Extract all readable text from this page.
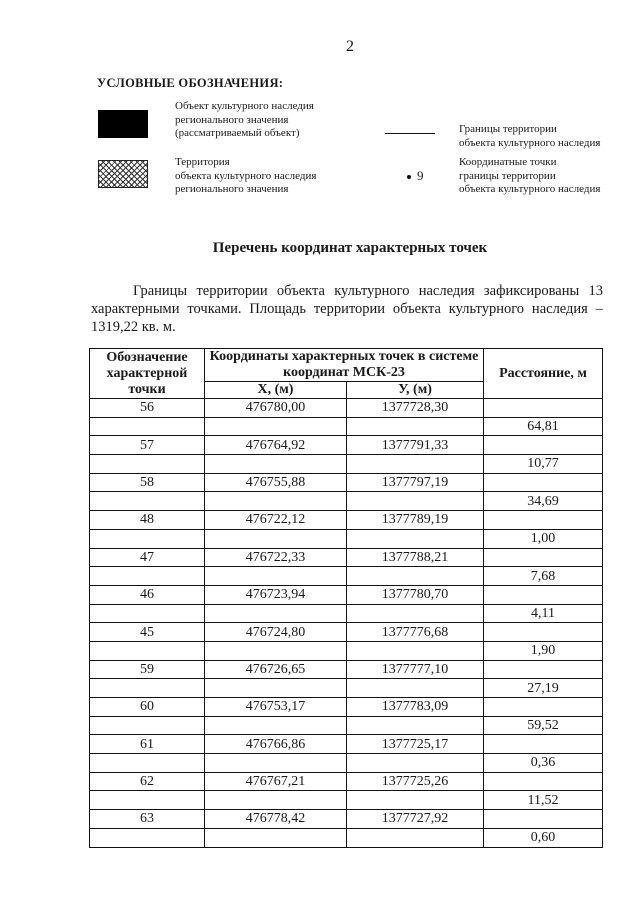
2
УСЛОВНЫЕ ОБОЗНАЧЕНИЯ:
Объект культурного наследия
регионального значения
(рассматриваемый объект)
Территория
объекта культурного наследия
регионального значения
Границы территории
объекта культурного наследия
9
Координатные точки
границы территории
объекта культурного наследия
Перечень координат характерных точек
Границы территории объекта культурного наследия зафиксированы 13 характерными точками. Площадь территории объекта культурного наследия – 1319,22 кв. м.
Обозначение характерной точки	Координаты характерных точек в системе координат МСК-23		Расстояние, м
	X, (м)	У, (м)	
56	476780,00	1377728,30	
			64,81
57	476764,92	1377791,33	
			10,77
58	476755,88	1377797,19	
			34,69
48	476722,12	1377789,19	
			1,00
47	476722,33	1377788,21	
			7,68
46	476723,94	1377780,70	
			4,11
45	476724,80	1377776,68	
			1,90
59	476726,65	1377777,10	
			27,19
60	476753,17	1377783,09	
			59,52
61	476766,86	1377725,17	
			0,36
62	476767,21	1377725,26	
			11,52
63	476778,42	1377727,92	
			0,60
